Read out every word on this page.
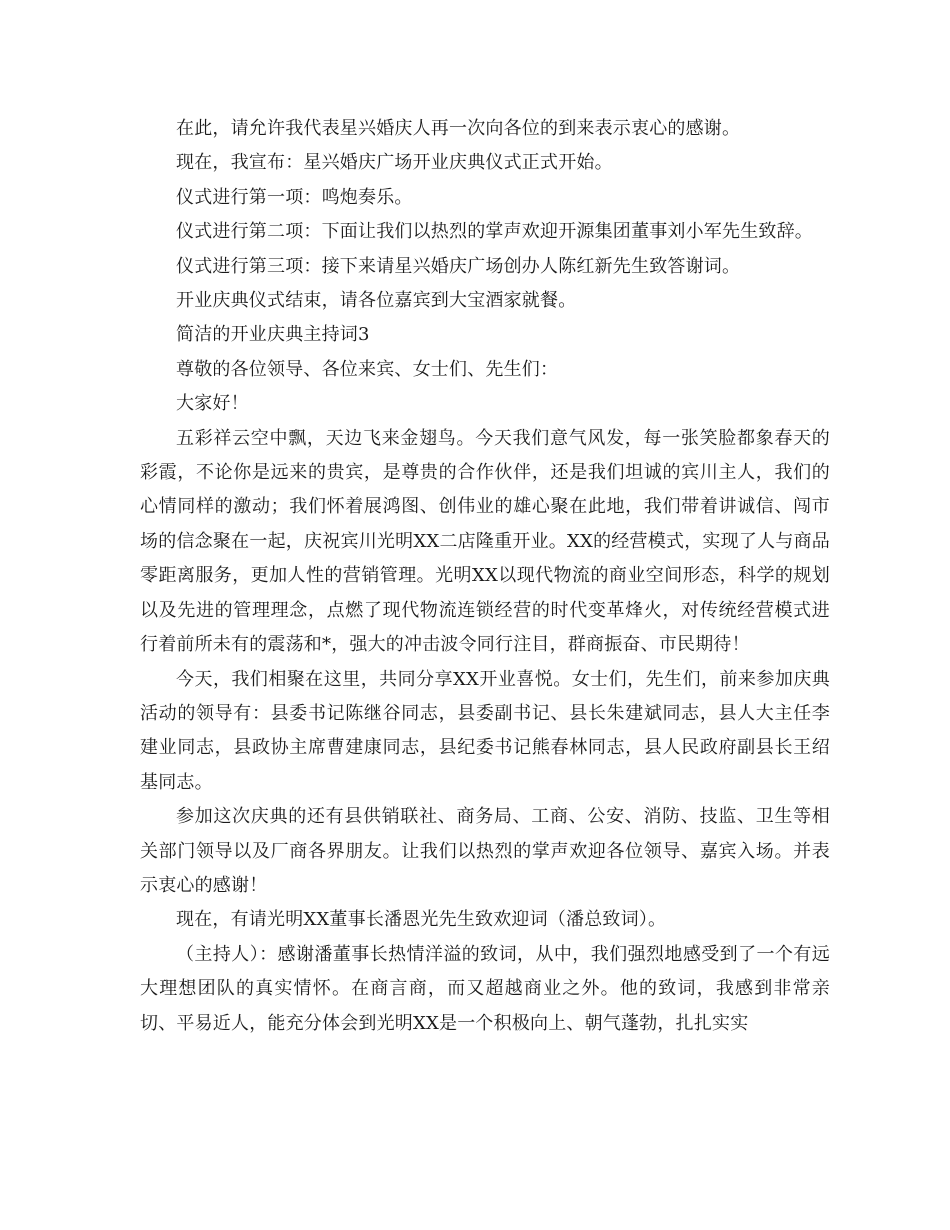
在此，请允许我代表星兴婚庆人再一次向各位的到来表示衷心的感谢。

现在，我宣布：星兴婚庆广场开业庆典仪式正式开始。

仪式进行第一项：鸣炮奏乐。

仪式进行第二项：下面让我们以热烈的掌声欢迎开源集团董事刘小军先生致辞。

仪式进行第三项：接下来请星兴婚庆广场创办人陈红新先生致答谢词。

开业庆典仪式结束，请各位嘉宾到大宝酒家就餐。

简洁的开业庆典主持词3

尊敬的各位领导、各位来宾、女士们、先生们：

大家好！

五彩祥云空中飘，天边飞来金翅鸟。今天我们意气风发，每一张笑脸都象春天的彩霞，不论你是远来的贵宾，是尊贵的合作伙伴，还是我们坦诚的宾川主人，我们的心情同样的激动；我们怀着展鸿图、创伟业的雄心聚在此地，我们带着讲诚信、闯市场的信念聚在一起，庆祝宾川光明XX二店隆重开业。XX的经营模式，实现了人与商品零距离服务，更加人性的营销管理。光明XX以现代物流的商业空间形态，科学的规划以及先进的管理理念，点燃了现代物流连锁经营的时代变革烽火，对传统经营模式进行着前所未有的震荡和*，强大的冲击波令同行注目，群商振奋、市民期待！

今天，我们相聚在这里，共同分享XX开业喜悦。女士们，先生们，前来参加庆典活动的领导有：县委书记陈继谷同志，县委副书记、县长朱建斌同志，县人大主任李建业同志，县政协主席曹建康同志，县纪委书记熊春林同志，县人民政府副县长王绍基同志。

参加这次庆典的还有县供销联社、商务局、工商、公安、消防、技监、卫生等相关部门领导以及厂商各界朋友。让我们以热烈的掌声欢迎各位领导、嘉宾入场。并表示衷心的感谢！

现在，有请光明XX董事长潘恩光先生致欢迎词（潘总致词）。

（主持人）：感谢潘董事长热情洋溢的致词，从中，我们强烈地感受到了一个有远大理想团队的真实情怀。在商言商，而又超越商业之外。他的致词，我感到非常亲切、平易近人，能充分体会到光明XX是一个积极向上、朝气蓬勃，扎扎实实
